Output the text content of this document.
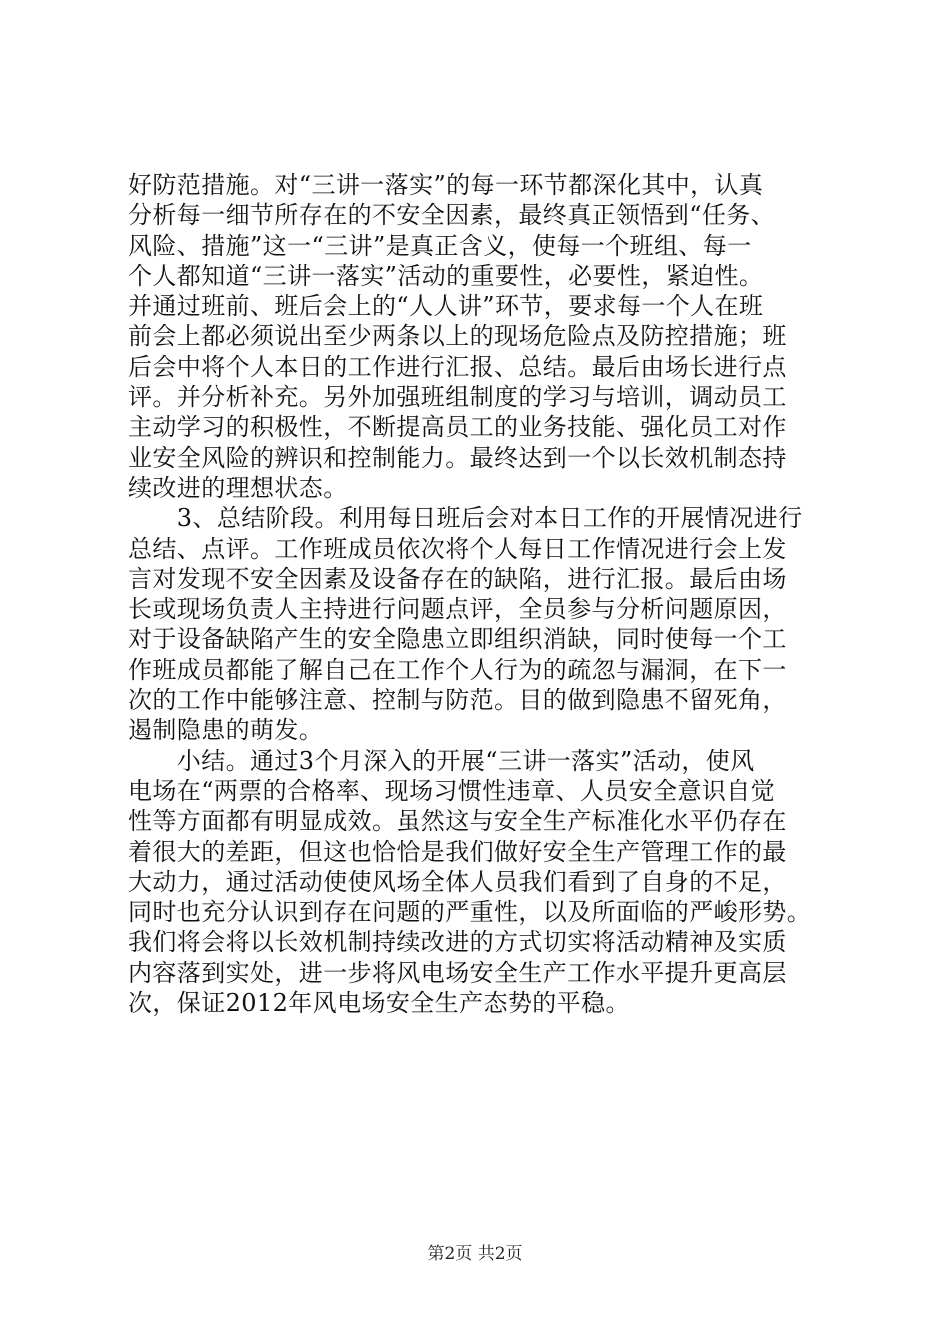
好防范措施。对“三讲一落实”的每一环节都深化其中，认真
分析每一细节所存在的不安全因素，最终真正领悟到“任务、
风险、措施”这一“三讲”是真正含义，使每一个班组、每一
个人都知道“三讲一落实”活动的重要性，必要性，紧迫性。
并通过班前、班后会上的“人人讲”环节，要求每一个人在班
前会上都必须说出至少两条以上的现场危险点及防控措施；班
后会中将个人本日的工作进行汇报、总结。最后由场长进行点
评。并分析补充。另外加强班组制度的学习与培训，调动员工
主动学习的积极性，不断提高员工的业务技能、强化员工对作
业安全风险的辨识和控制能力。最终达到一个以长效机制态持
续改进的理想状态。
　　3、总结阶段。利用每日班后会对本日工作的开展情况进行
总结、点评。工作班成员依次将个人每日工作情况进行会上发
言对发现不安全因素及设备存在的缺陷，进行汇报。最后由场
长或现场负责人主持进行问题点评，全员参与分析问题原因，
对于设备缺陷产生的安全隐患立即组织消缺，同时使每一个工
作班成员都能了解自己在工作个人行为的疏忽与漏洞，在下一
次的工作中能够注意、控制与防范。目的做到隐患不留死角，
遏制隐患的萌发。
　　小结。通过3个月深入的开展“三讲一落实”活动，使风
电场在“两票的合格率、现场习惯性违章、人员安全意识自觉
性等方面都有明显成效。虽然这与安全生产标准化水平仍存在
着很大的差距，但这也恰恰是我们做好安全生产管理工作的最
大动力，通过活动使使风场全体人员我们看到了自身的不足，
同时也充分认识到存在问题的严重性，以及所面临的严峻形势。
我们将会将以长效机制持续改进的方式切实将活动精神及实质
内容落到实处，进一步将风电场安全生产工作水平提升更高层
次，保证2012年风电场安全生产态势的平稳。
第2页 共2页
